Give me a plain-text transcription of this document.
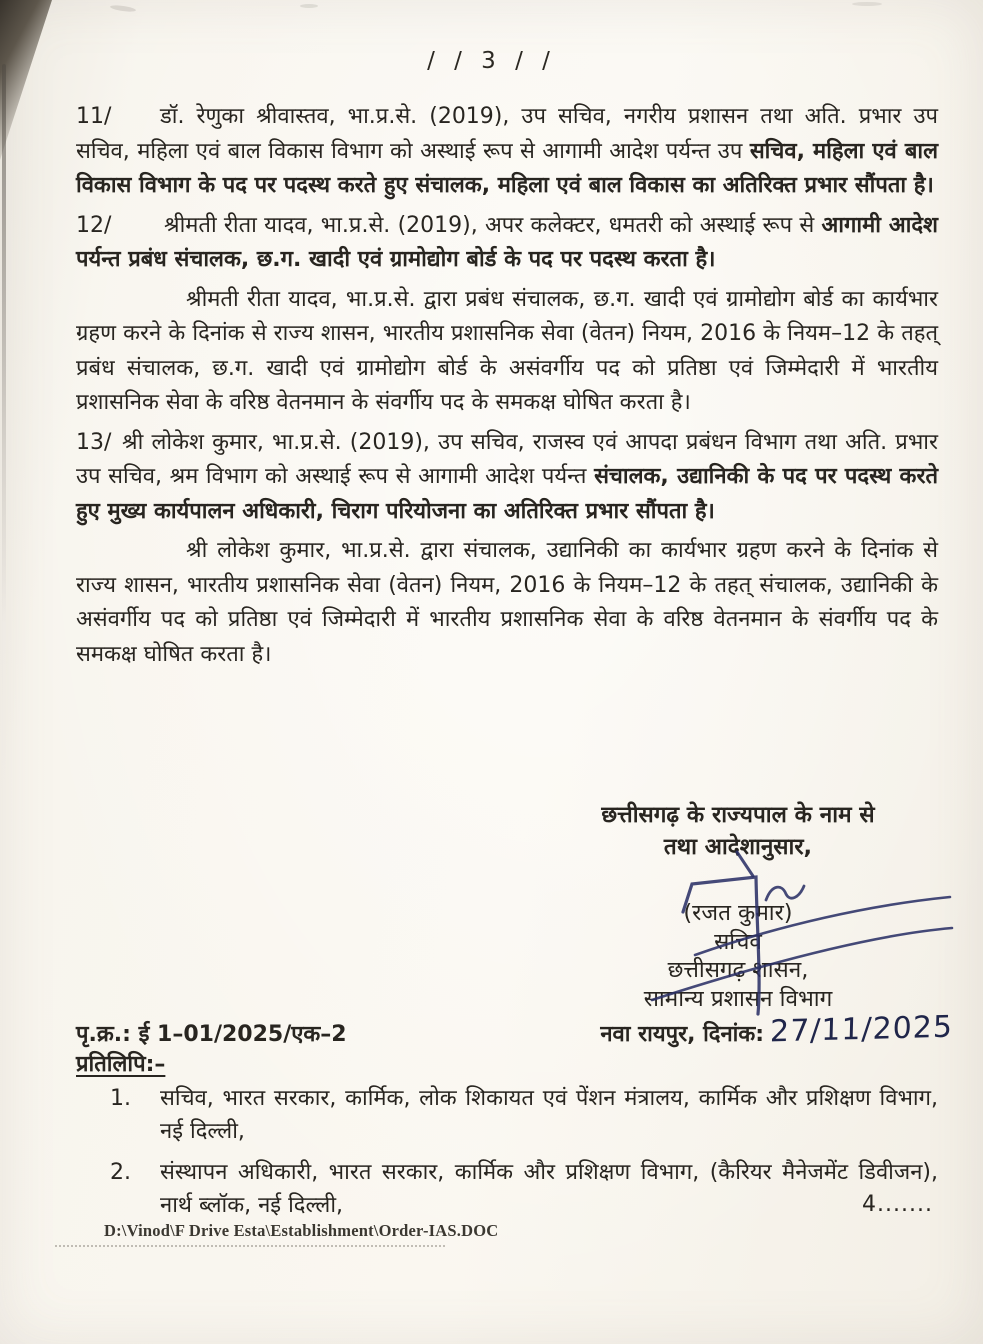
/ / 3 / /
11/	डॉ. रेणुका श्रीवास्तव, भा.प्र.से. (2019), उप सचिव, नगरीय प्रशासन तथा अति. प्रभार उप सचिव, महिला एवं बाल विकास विभाग को अस्थाई रूप से आगामी आदेश पर्यन्त उप सचिव, महिला एवं बाल विकास विभाग के पद पर पदस्थ करते हुए संचालक, महिला एवं बाल विकास का अतिरिक्त प्रभार सौंपता है।
12/	श्रीमती रीता यादव, भा.प्र.से. (2019), अपर कलेक्टर, धमतरी को अस्थाई रूप से आगामी आदेश पर्यन्त प्रबंध संचालक, छ.ग. खादी एवं ग्रामोद्योग बोर्ड के पद पर पदस्थ करता है।
श्रीमती रीता यादव, भा.प्र.से. द्वारा प्रबंध संचालक, छ.ग. खादी एवं ग्रामोद्योग बोर्ड का कार्यभार ग्रहण करने के दिनांक से राज्य शासन, भारतीय प्रशासनिक सेवा (वेतन) नियम, 2016 के नियम–12 के तहत् प्रबंध संचालक, छ.ग. खादी एवं ग्रामोद्योग बोर्ड के असंवर्गीय पद को प्रतिष्ठा एवं जिम्मेदारी में भारतीय प्रशासनिक सेवा के वरिष्ठ वेतनमान के संवर्गीय पद के समकक्ष घोषित करता है।
13/ श्री लोकेश कुमार, भा.प्र.से. (2019), उप सचिव, राजस्व एवं आपदा प्रबंधन विभाग तथा अति. प्रभार उप सचिव, श्रम विभाग को अस्थाई रूप से आगामी आदेश पर्यन्त संचालक, उद्यानिकी के पद पर पदस्थ करते हुए मुख्य कार्यपालन अधिकारी, चिराग परियोजना का अतिरिक्त प्रभार सौंपता है।
श्री लोकेश कुमार, भा.प्र.से. द्वारा संचालक, उद्यानिकी का कार्यभार ग्रहण करने के दिनांक से राज्य शासन, भारतीय प्रशासनिक सेवा (वेतन) नियम, 2016 के नियम–12 के तहत् संचालक, उद्यानिकी के असंवर्गीय पद को प्रतिष्ठा एवं जिम्मेदारी में भारतीय प्रशासनिक सेवा के वरिष्ठ वेतनमान के संवर्गीय पद के समकक्ष घोषित करता है।
छत्तीसगढ़ के राज्यपाल के नाम से
तथा आदेशानुसार,
(रजत कुमार)
सचिव
छत्तीसगढ़ शासन,
सामान्य प्रशासन विभाग
पृ.क्र.: ई 1–01/2025/एक–2	नवा रायपुर, दिनांक: 27/11/2025
प्रतिलिपि:–
1. सचिव, भारत सरकार, कार्मिक, लोक शिकायत एवं पेंशन मंत्रालय, कार्मिक और प्रशिक्षण विभाग, नई दिल्ली,
2. संस्थापन अधिकारी, भारत सरकार, कार्मिक और प्रशिक्षण विभाग, (कैरियर मैनेजमेंट डिवीजन), नार्थ ब्लॉक, नई दिल्ली,	4.......
D:\Vinod\F Drive Esta\Establishment\Order-IAS.DOC
